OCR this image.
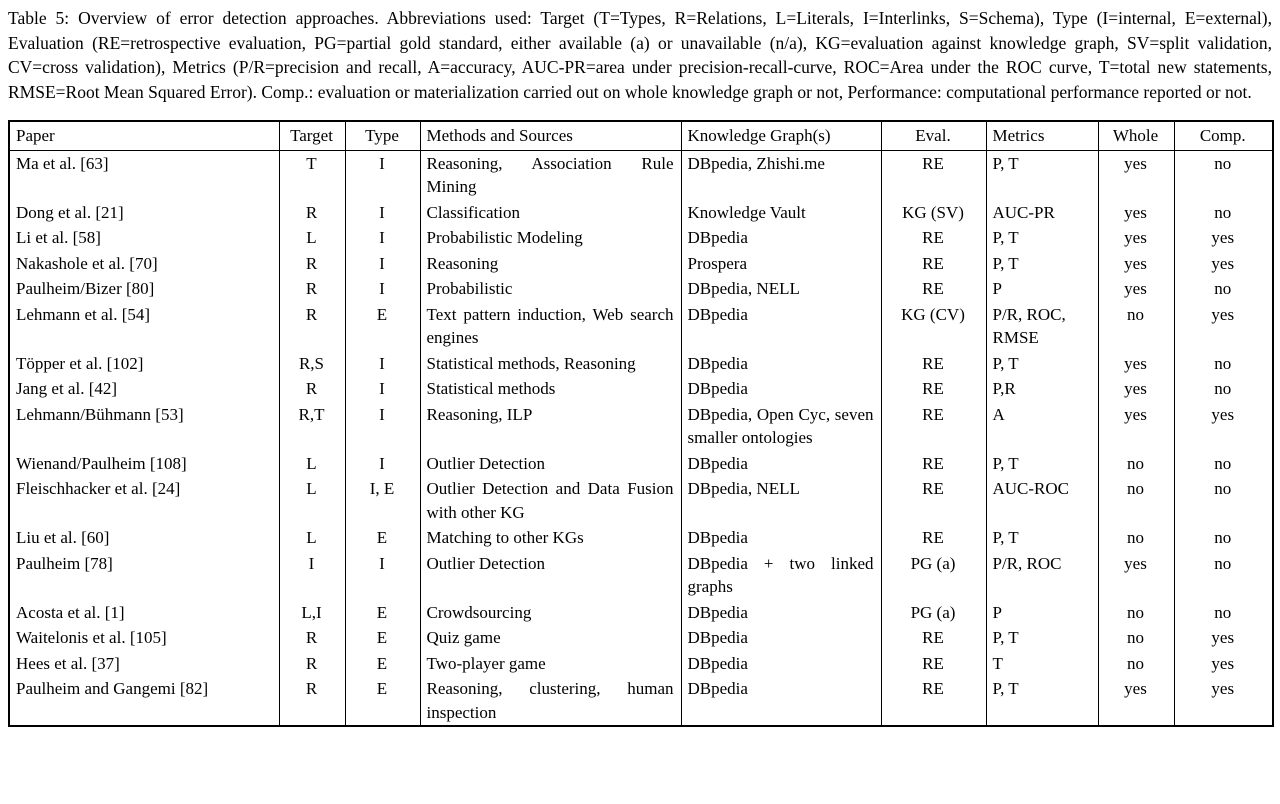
Table 5: Overview of error detection approaches. Abbreviations used: Target (T=Types, R=Relations, L=Literals, I=Interlinks, S=Schema), Type (I=internal, E=external), Evaluation (RE=retrospective evaluation, PG=partial gold standard, either available (a) or unavailable (n/a), KG=evaluation against knowledge graph, SV=split validation, CV=cross validation), Metrics (P/R=precision and recall, A=accuracy, AUC-PR=area under precision-recall-curve, ROC=Area under the ROC curve, T=total new statements, RMSE=Root Mean Squared Error). Comp.: evaluation or materialization carried out on whole knowledge graph or not, Performance: computational performance reported or not.

Paper	Target	Type	Methods and Sources	Knowledge Graph(s)	Eval.	Metrics	Whole	Comp.
Ma et al. [63]	T	I	Reasoning, Association Rule Mining	DBpedia, Zhishi.me	RE	P, T	yes	no
Dong et al. [21]	R	I	Classification	Knowledge Vault	KG (SV)	AUC-PR	yes	no
Li et al. [58]	L	I	Probabilistic Modeling	DBpedia	RE	P, T	yes	yes
Nakashole et al. [70]	R	I	Reasoning	Prospera	RE	P, T	yes	yes
Paulheim/Bizer [80]	R	I	Probabilistic	DBpedia, NELL	RE	P	yes	no
Lehmann et al. [54]	R	E	Text pattern induction, Web search engines	DBpedia	KG (CV)	P/R, ROC, RMSE	no	yes
Töpper et al. [102]	R,S	I	Statistical methods, Reasoning	DBpedia	RE	P, T	yes	no
Jang et al. [42]	R	I	Statistical methods	DBpedia	RE	P,R	yes	no
Lehmann/Bühmann [53]	R,T	I	Reasoning, ILP	DBpedia, Open Cyc, seven smaller ontologies	RE	A	yes	yes
Wienand/Paulheim [108]	L	I	Outlier Detection	DBpedia	RE	P, T	no	no
Fleischhacker et al. [24]	L	I, E	Outlier Detection and Data Fusion with other KG	DBpedia, NELL	RE	AUC-ROC	no	no
Liu et al. [60]	L	E	Matching to other KGs	DBpedia	RE	P, T	no	no
Paulheim [78]	I	I	Outlier Detection	DBpedia + two linked graphs	PG (a)	P/R, ROC	yes	no
Acosta et al. [1]	L,I	E	Crowdsourcing	DBpedia	PG (a)	P	no	no
Waitelonis et al. [105]	R	E	Quiz game	DBpedia	RE	P, T	no	yes
Hees et al. [37]	R	E	Two-player game	DBpedia	RE	T	no	yes
Paulheim and Gangemi [82]	R	E	Reasoning, clustering, human inspection	DBpedia	RE	P, T	yes	yes
